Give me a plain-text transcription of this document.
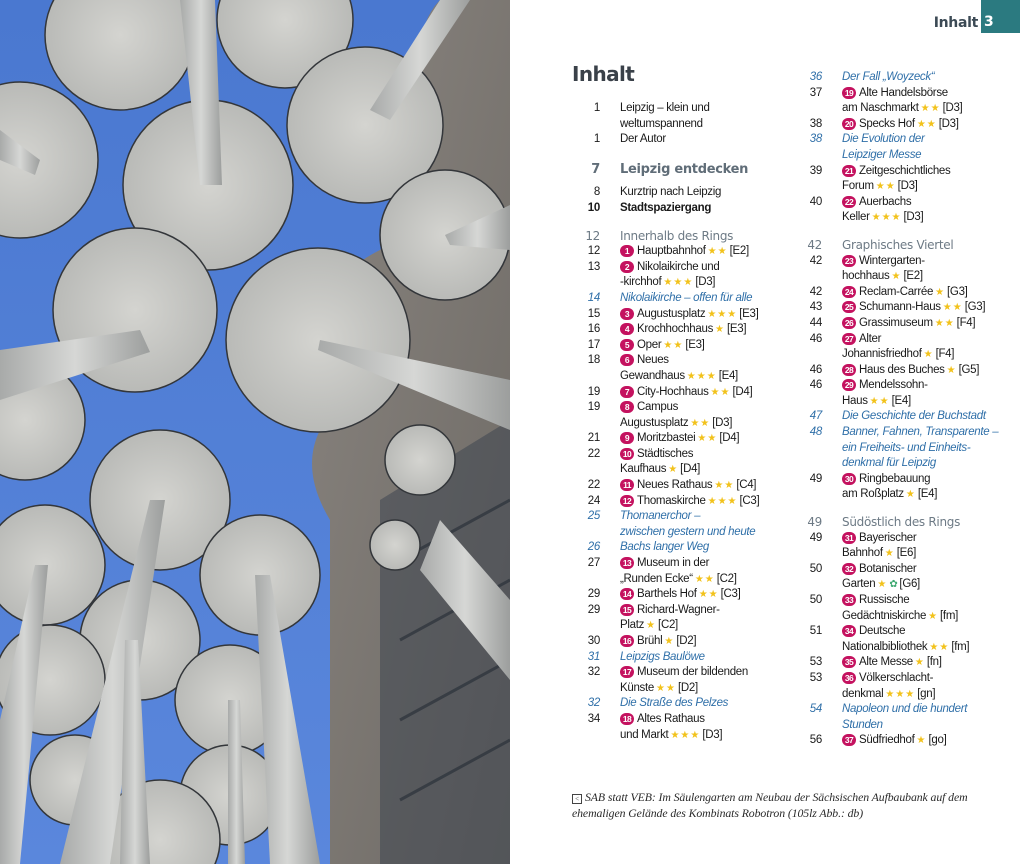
Inhalt 3
Inhalt
1 Leipzig – klein und
weltumspannend
1 Der Autor
7 Leipzig entdecken
8 Kurztrip nach Leipzig
10 Stadtspaziergang
12 Innerhalb des Rings
12	1 Hauptbahnhof ★★ [E2]
13	2 Nikolaikirche und
-kirchhof ★★★ [D3]
14 Nikolaikirche – offen für alle
15	3 Augustusplatz ★★★ [E3]
16	4 Krochhochhaus ★ [E3]
17	5 Oper ★★ [E3]
18	6 Neues
Gewandhaus ★★★ [E4]
19	7 City-Hochhaus ★★ [D4]
19	8 Campus
Augustusplatz ★★ [D3]
21	9 Moritzbastei ★★ [D4]
22	10 Städtisches
Kaufhaus ★ [D4]
22	11 Neues Rathaus ★★ [C4]
24	12 Thomaskirche ★★★ [C3]
25 Thomanerchor –
zwischen gestern und heute
26 Bachs langer Weg
27	13 Museum in der
„Runden Ecke“ ★★ [C2]
29	14 Barthels Hof ★★ [C3]
29	15 Richard-Wagner-
Platz ★ [C2]
30	16 Brühl ★ [D2]
31 Leipzigs Baulöwe
32	17 Museum der bildenden
Künste ★★ [D2]
32 Die Straße des Pelzes
34	18 Altes Rathaus
und Markt ★★★ [D3]
36 Der Fall „Woyzeck“
37	19 Alte Handelsbörse
am Naschmarkt ★★ [D3]
38	20 Specks Hof ★★ [D3]
38 Die Evolution der
Leipziger Messe
39	21 Zeitgeschichtliches
Forum ★★ [D3]
40	22 Auerbachs
Keller ★★★ [D3]
42 Graphisches Viertel
42	23 Wintergarten-
hochhaus ★ [E2]
42	24 Reclam-Carrée ★ [G3]
43	25 Schumann-Haus ★★ [G3]
44	26 Grassimuseum ★★ [F4]
46	27 Alter
Johannisfriedhof ★ [F4]
46	28 Haus des Buches ★ [G5]
46	29 Mendelssohn-
Haus ★★ [E4]
47 Die Geschichte der Buchstadt
48 Banner, Fahnen, Transparente –
ein Freiheits- und Einheits-
denkmal für Leipzig
49	30 Ringbebauung
am Roßplatz ★ [E4]
49 Südöstlich des Rings
49	31 Bayerischer
Bahnhof ★ [E6]
50	32 Botanischer
Garten ★ ✿ [G6]
50	33 Russische
Gedächtniskirche ★ [fm]
51	34 Deutsche
Nationalbibliothek ★★ [fm]
53	35 Alte Messe ★ [fn]
53	36 Völkerschlacht-
denkmal ★★★ [gn]
54 Napoleon und die hundert
Stunden
56	37 Südfriedhof ★ [go]
< SAB statt VEB: Im Säulengarten am Neubau der Sächsischen Aufbaubank auf dem ehemaligen Gelände des Kombinats Robotron (105lz Abb.: db)
